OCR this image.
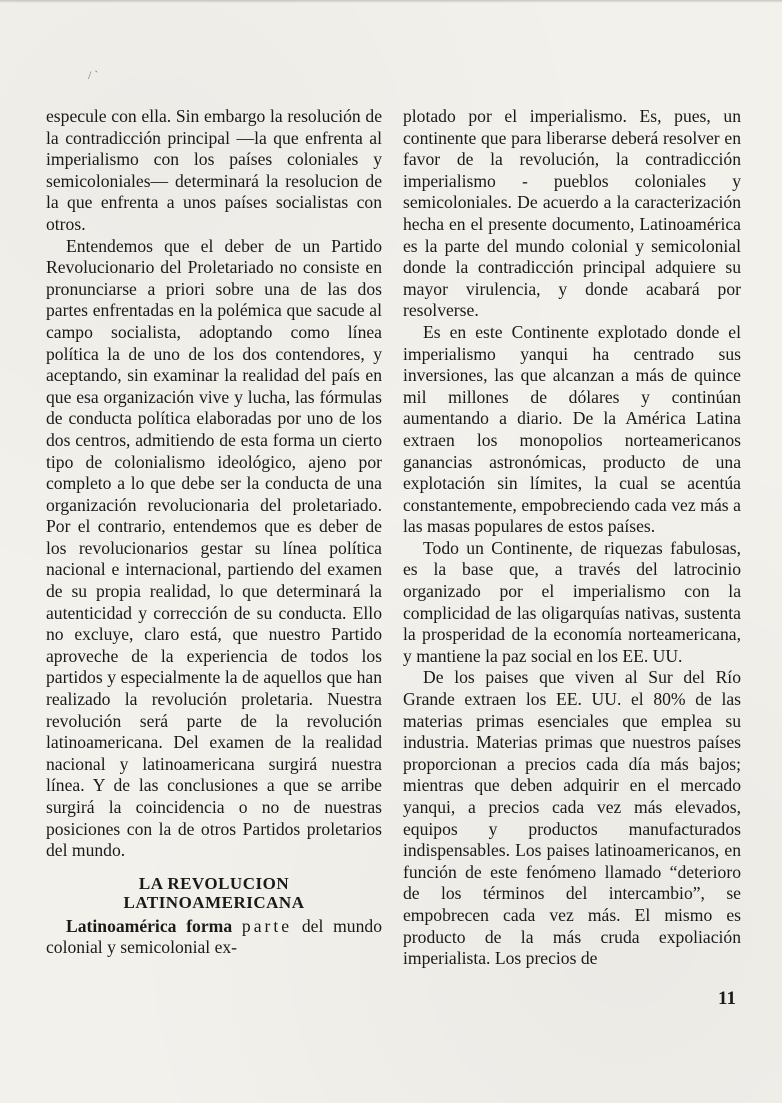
/ `

especule con ella. Sin embargo la resolución de la contradicción principal —la que enfrenta al imperialismo con los países coloniales y semicoloniales— determinará la resolucion de la que enfrenta a unos países socialistas con otros.

Entendemos que el deber de un Partido Revolucionario del Proletariado no consiste en pronunciarse a priori sobre una de las dos partes enfrentadas en la polémica que sacude al campo socialista, adoptando como línea política la de uno de los dos contendores, y aceptando, sin examinar la realidad del país en que esa organización vive y lucha, las fórmulas de conducta política elaboradas por uno de los dos centros, admitiendo de esta forma un cierto tipo de colonialismo ideológico, ajeno por completo a lo que debe ser la conducta de una organización revolucionaria del proletariado. Por el contrario, entendemos que es deber de los revolucionarios gestar su línea política nacional e internacional, partiendo del examen de su propia realidad, lo que determinará la autenticidad y corrección de su conducta. Ello no excluye, claro está, que nuestro Partido aproveche de la experiencia de todos los partidos y especialmente la de aquellos que han realizado la revolución proletaria. Nuestra revolución será parte de la revolución latinoamericana. Del examen de la realidad nacional y latinoamericana surgirá nuestra línea. Y de las conclusiones a que se arribe surgirá la coincidencia o no de nuestras posiciones con la de otros Partidos proletarios del mundo.

LA REVOLUCION
LATINOAMERICANA

Latinoamérica forma parte del mundo colonial y semicolonial ex-

plotado por el imperialismo. Es, pues, un continente que para liberarse deberá resolver en favor de la revolución, la contradicción imperialismo - pueblos coloniales y semicoloniales. De acuerdo a la caracterización hecha en el presente documento, Latinoamérica es la parte del mundo colonial y semicolonial donde la contradicción principal adquiere su mayor virulencia, y donde acabará por resolverse.

Es en este Continente explotado donde el imperialismo yanqui ha centrado sus inversiones, las que alcanzan a más de quince mil millones de dólares y continúan aumentando a diario. De la América Latina extraen los monopolios norteamericanos ganancias astronómicas, producto de una explotación sin límites, la cual se acentúa constantemente, empobreciendo cada vez más a las masas populares de estos países.

Todo un Continente, de riquezas fabulosas, es la base que, a través del latrocinio organizado por el imperialismo con la complicidad de las oligarquías nativas, sustenta la prosperidad de la economía norteamericana, y mantiene la paz social en los EE. UU.

De los paises que viven al Sur del Río Grande extraen los EE. UU. el 80% de las materias primas esenciales que emplea su industria. Materias primas que nuestros países proporcionan a precios cada día más bajos; mientras que deben adquirir en el mercado yanqui, a precios cada vez más elevados, equipos y productos manufacturados indispensables. Los paises latinoamericanos, en función de este fenómeno llamado “deterioro de los términos del intercambio”, se empobrecen cada vez más. El mismo es producto de la más cruda expoliación imperialista. Los precios de

11
